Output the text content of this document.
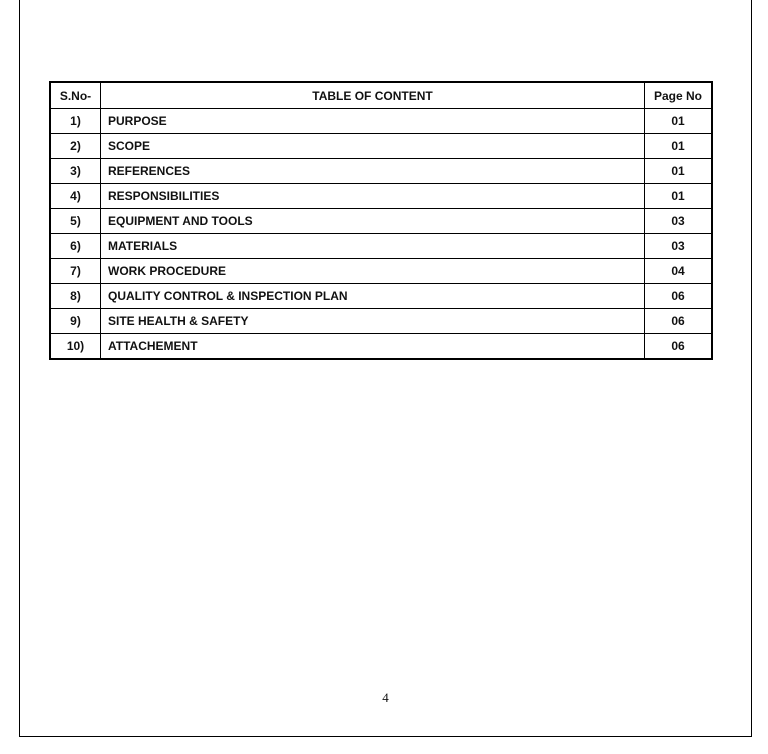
S.No-	TABLE OF CONTENT	Page No
1)	PURPOSE	01
2)	SCOPE	01
3)	REFERENCES	01
4)	RESPONSIBILITIES	01
5)	EQUIPMENT AND TOOLS	03
6)	MATERIALS	03
7)	WORK PROCEDURE	04
8)	QUALITY CONTROL & INSPECTION PLAN	06
9)	SITE HEALTH & SAFETY	06
10)	ATTACHEMENT	06
4
